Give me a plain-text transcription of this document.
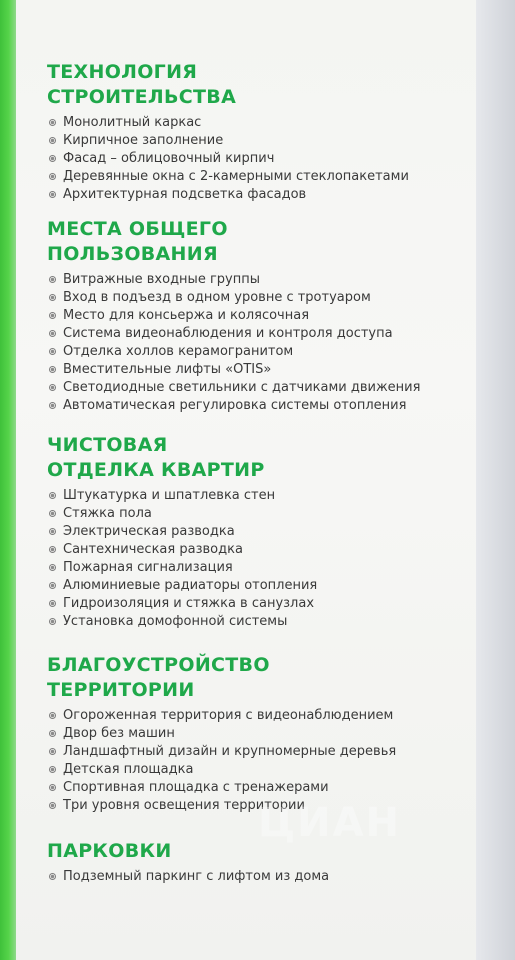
ТЕХНОЛОГИЯ
СТРОИТЕЛЬСТВА
Монолитный каркас
Кирпичное заполнение
Фасад – облицовочный кирпич
Деревянные окна с 2-камерными стеклопакетами
Архитектурная подсветка фасадов
МЕСТА ОБЩЕГО
ПОЛЬЗОВАНИЯ
Витражные входные группы
Вход в подъезд в одном уровне с тротуаром
Место для консьержа и колясочная
Система видеонаблюдения и контроля доступа
Отделка холлов керамогранитом
Вместительные лифты «OTIS»
Светодиодные светильники с датчиками движения
Автоматическая регулировка системы отопления
ЧИСТОВАЯ
ОТДЕЛКА КВАРТИР
Штукатурка и шпатлевка стен
Стяжка пола
Электрическая разводка
Сантехническая разводка
Пожарная сигнализация
Алюминиевые радиаторы отопления
Гидроизоляция и стяжка в санузлах
Установка домофонной системы
БЛАГОУСТРОЙСТВО
ТЕРРИТОРИИ
Огороженная территория с видеонаблюдением
Двор без машин
Ландшафтный дизайн и крупномерные деревья
Детская площадка
Спортивная площадка с тренажерами
Три уровня освещения территории
ПАРКОВКИ
Подземный паркинг с лифтом из дома
ЦИАН
